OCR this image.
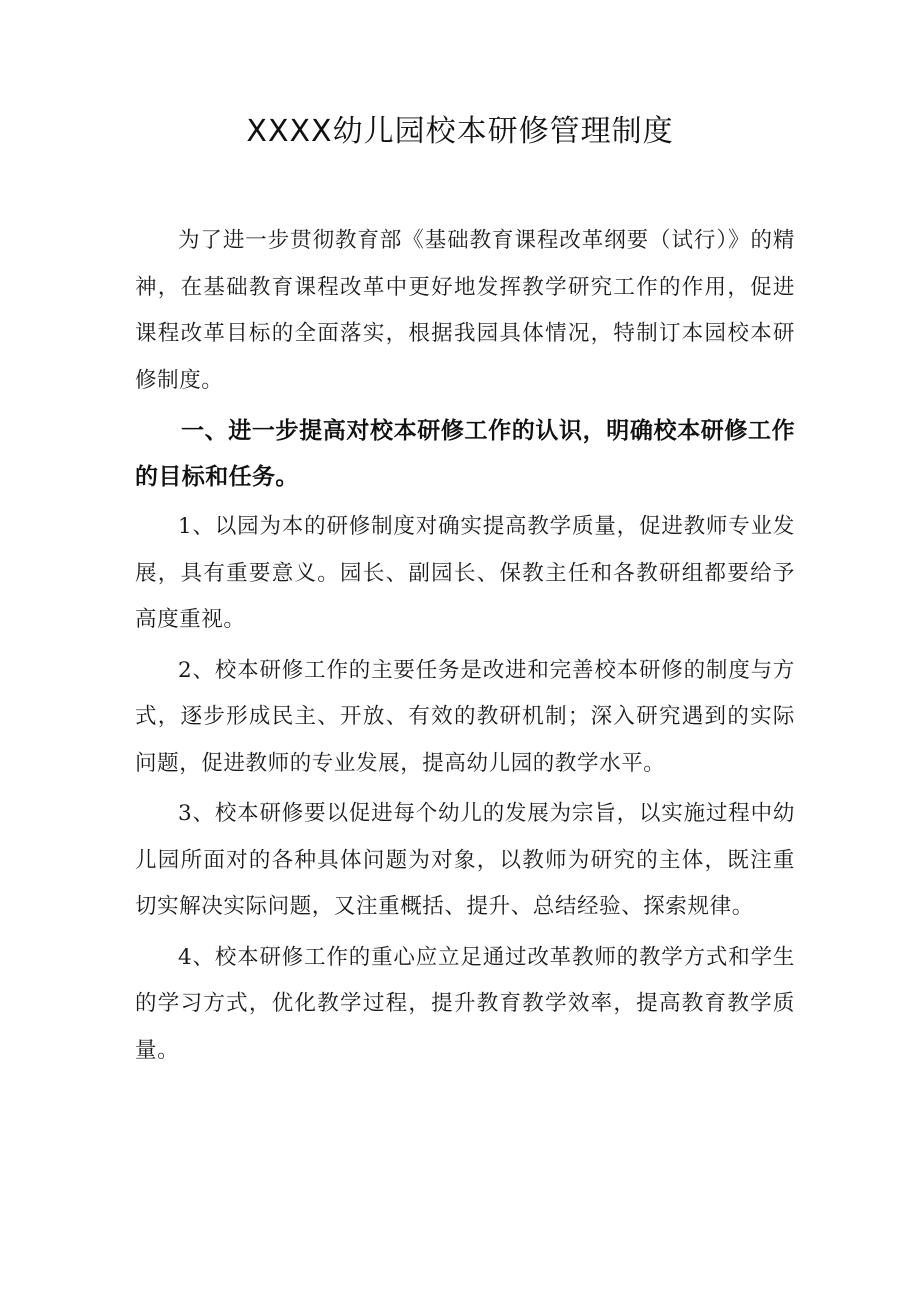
XXXX幼儿园校本研修管理制度

为了进一步贯彻教育部《基础教育课程改革纲要（试行）》的精神，在基础教育课程改革中更好地发挥教学研究工作的作用，促进课程改革目标的全面落实，根据我园具体情况，特制订本园校本研修制度。

一、进一步提高对校本研修工作的认识，明确校本研修工作的目标和任务。

1、以园为本的研修制度对确实提高教学质量，促进教师专业发展，具有重要意义。园长、副园长、保教主任和各教研组都要给予高度重视。

2、校本研修工作的主要任务是改进和完善校本研修的制度与方式，逐步形成民主、开放、有效的教研机制；深入研究遇到的实际问题，促进教师的专业发展，提高幼儿园的教学水平。

3、校本研修要以促进每个幼儿的发展为宗旨，以实施过程中幼儿园所面对的各种具体问题为对象，以教师为研究的主体，既注重切实解决实际问题，又注重概括、提升、总结经验、探索规律。

4、校本研修工作的重心应立足通过改革教师的教学方式和学生的学习方式，优化教学过程，提升教育教学效率，提高教育教学质量。
